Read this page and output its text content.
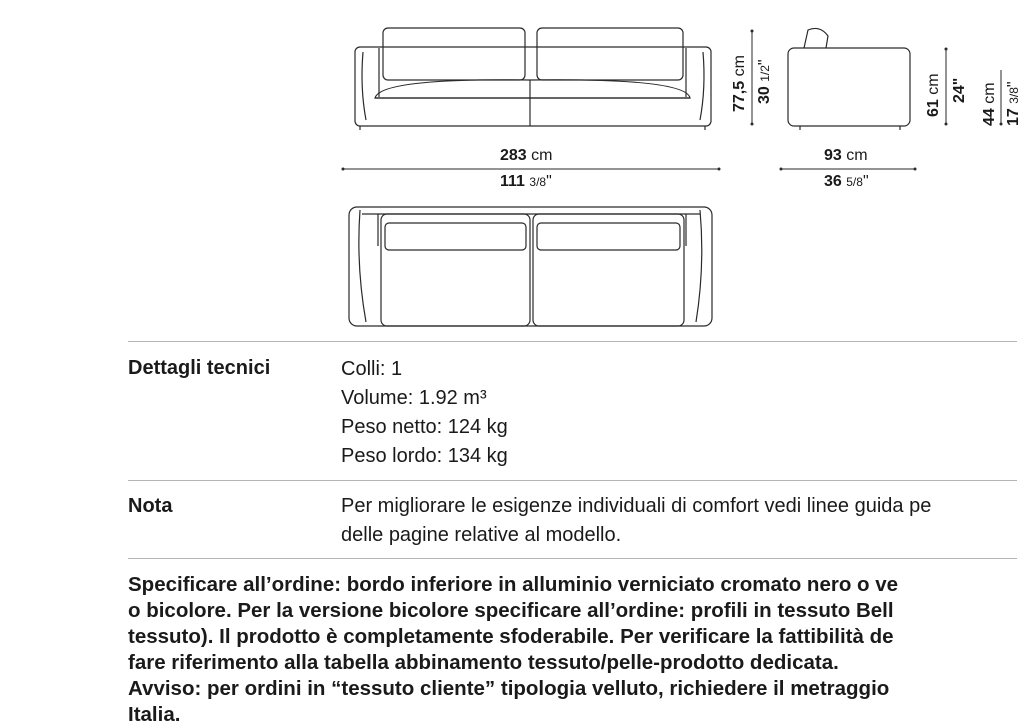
283 cm
111 3/8"
93 cm
36 5/8"
77,5 cm
30 1/2"
61 cm 24"
44 cm
17 3/8"
Dettagli tecnici	Colli: 1
Volume: 1.92 m³
Peso netto: 124 kg
Peso lordo: 134 kg
Nota	Per migliorare le esigenze individuali di comfort vedi linee guida pe
delle pagine relative al modello.
Specificare all’ordine: bordo inferiore in alluminio verniciato cromato nero o ve
o bicolore. Per la versione bicolore specificare all’ordine: profili in tessuto Bell
tessuto). Il prodotto è completamente sfoderabile. Per verificare la fattibilità de
fare riferimento alla tabella abbinamento tessuto/pelle-prodotto dedicata.
Avviso: per ordini in “tessuto cliente” tipologia velluto, richiedere il metraggio
Italia.
